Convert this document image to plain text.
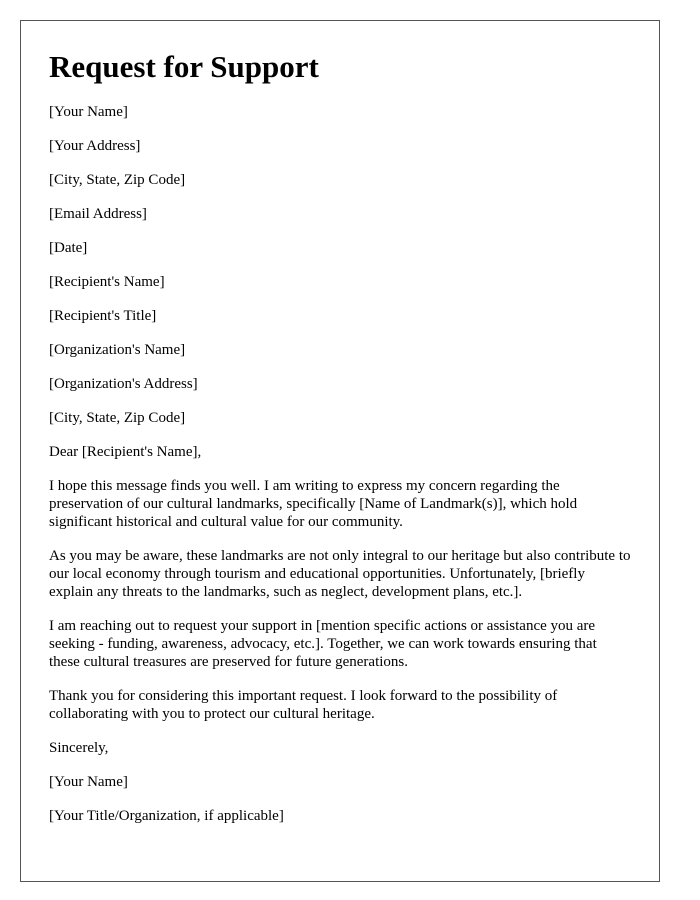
Request for Support

[Your Name]

[Your Address]

[City, State, Zip Code]

[Email Address]

[Date]

[Recipient's Name]

[Recipient's Title]

[Organization's Name]

[Organization's Address]

[City, State, Zip Code]

Dear [Recipient's Name],

I hope this message finds you well. I am writing to express my concern regarding the preservation of our cultural landmarks, specifically [Name of Landmark(s)], which hold significant historical and cultural value for our community.

As you may be aware, these landmarks are not only integral to our heritage but also contribute to our local economy through tourism and educational opportunities. Unfortunately, [briefly explain any threats to the landmarks, such as neglect, development plans, etc.].

I am reaching out to request your support in [mention specific actions or assistance you are seeking - funding, awareness, advocacy, etc.]. Together, we can work towards ensuring that these cultural treasures are preserved for future generations.

Thank you for considering this important request. I look forward to the possibility of collaborating with you to protect our cultural heritage.

Sincerely,

[Your Name]

[Your Title/Organization, if applicable]
